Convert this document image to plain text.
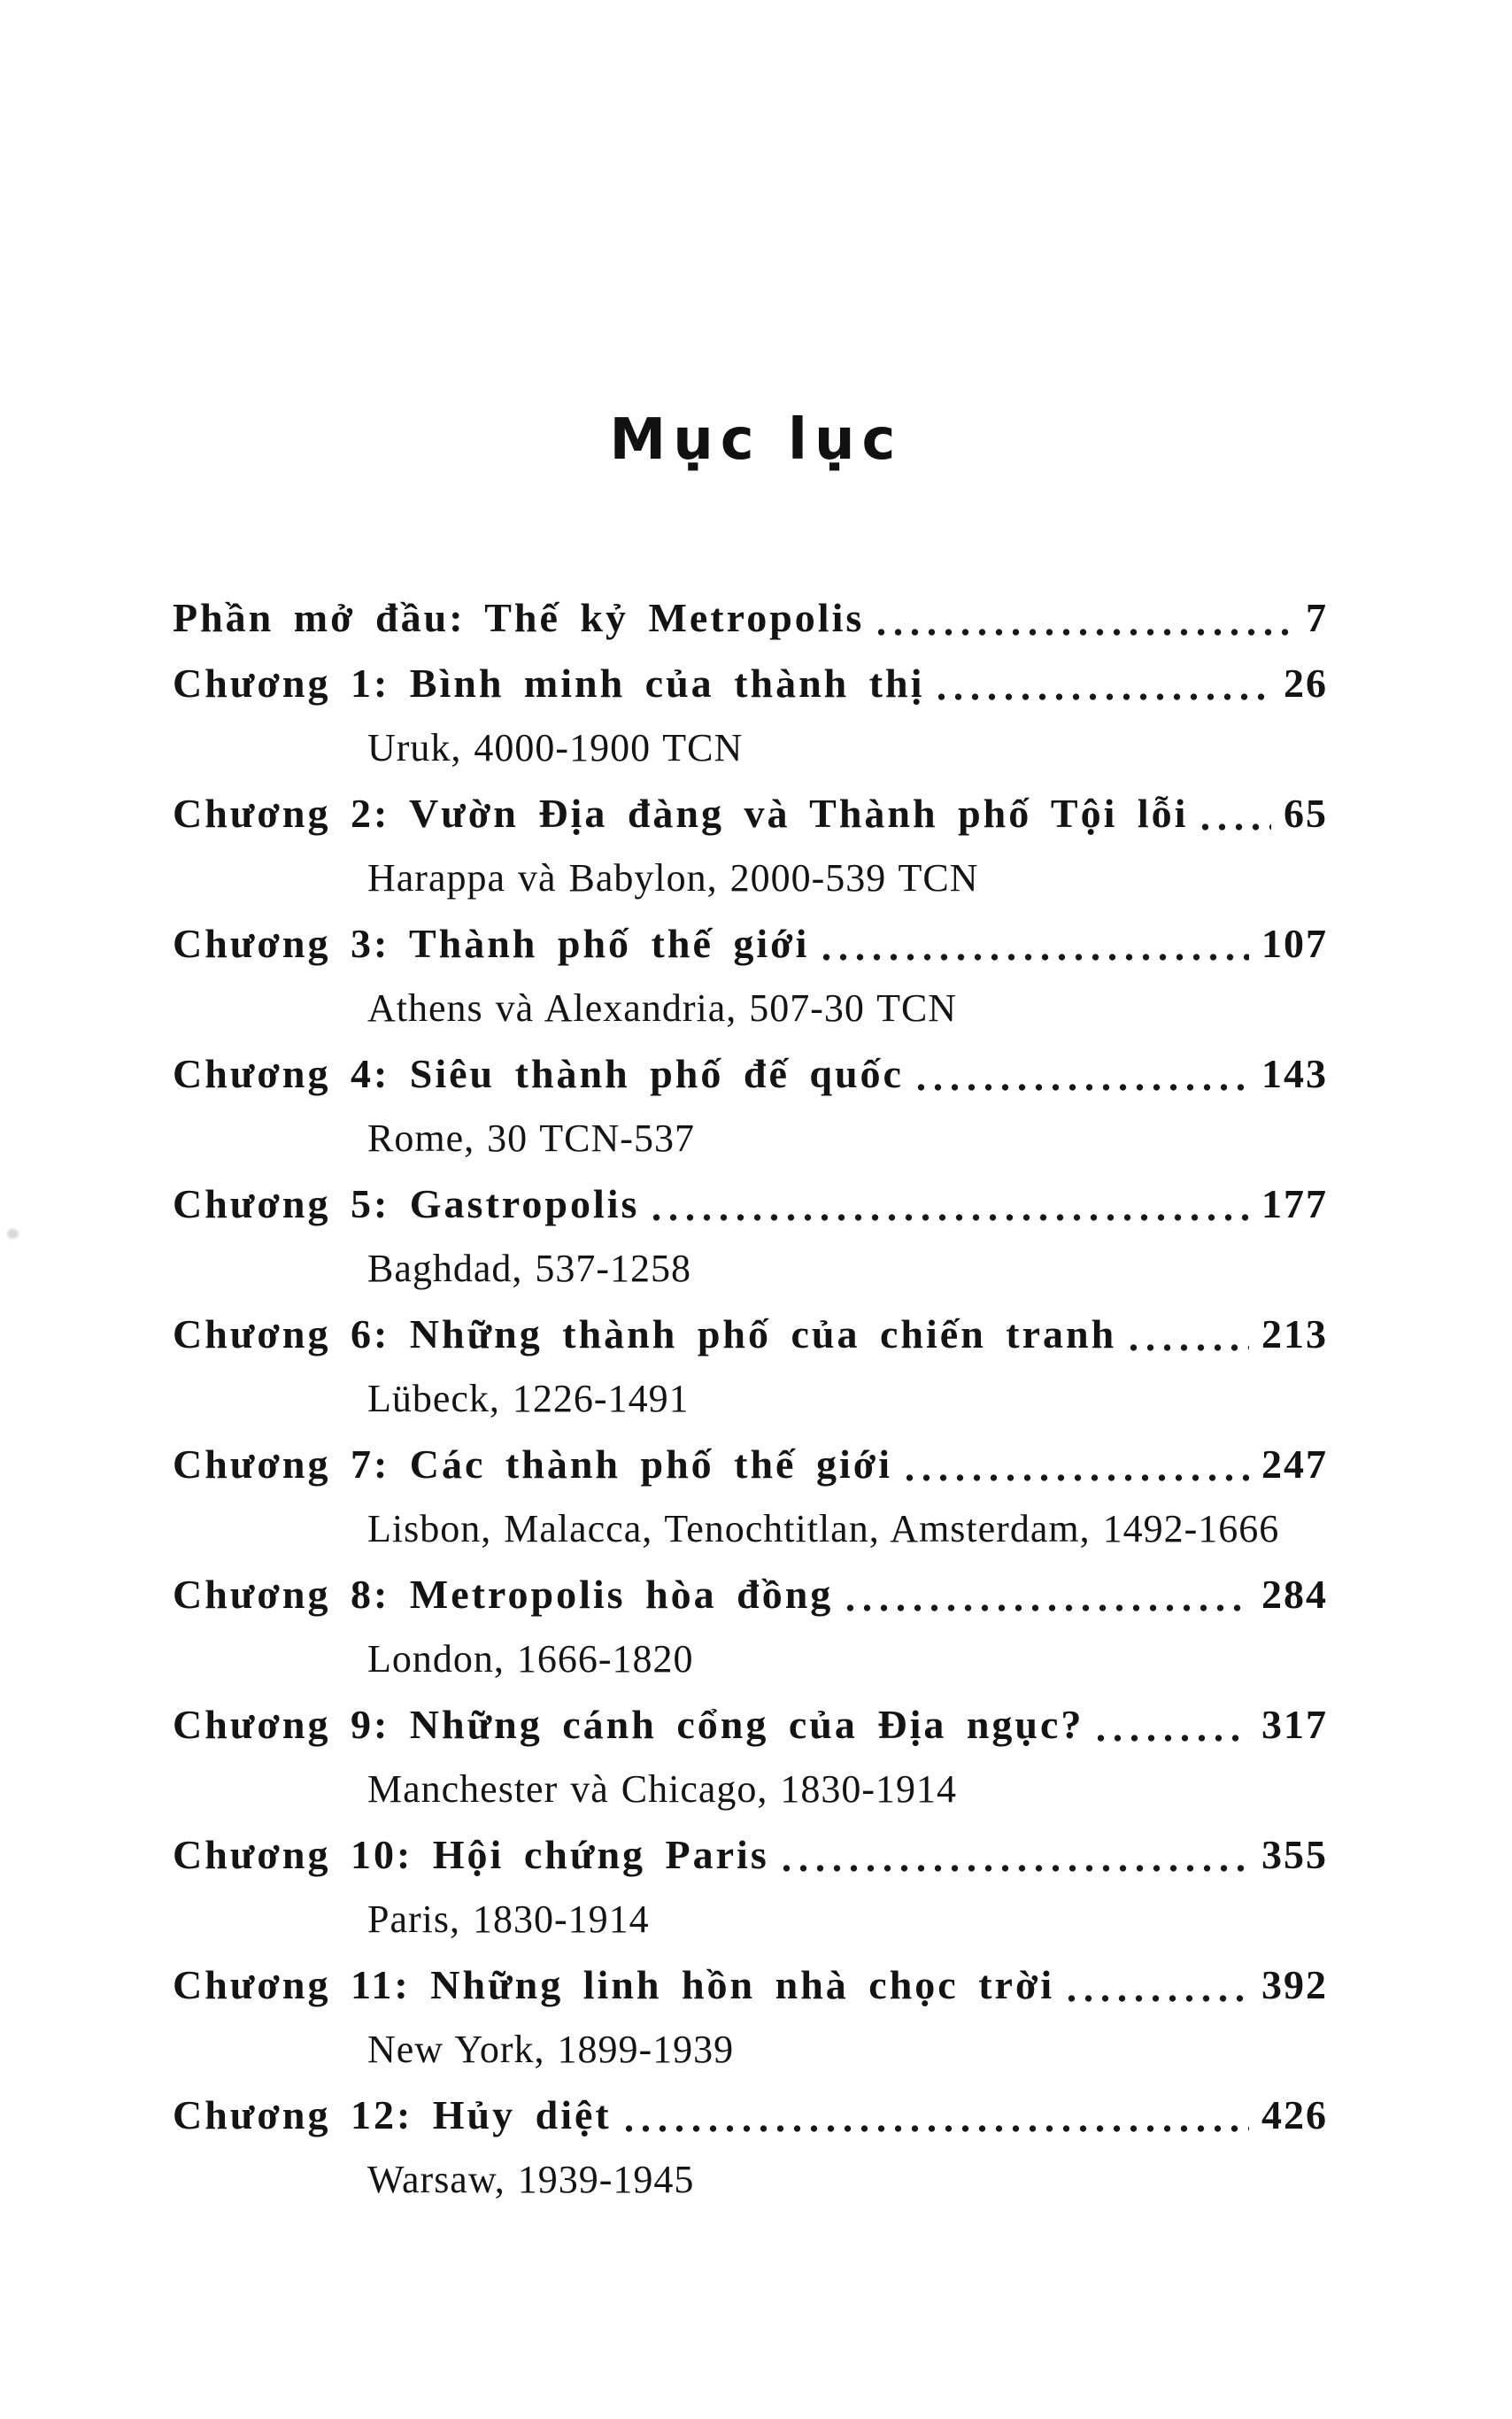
Mục lục
Phần mở đầu: Thế kỷ Metropolis	7
Chương 1: Bình minh của thành thị	26
Uruk, 4000-1900 TCN
Chương 2: Vườn Địa đàng và Thành phố Tội lỗi 65
Harappa và Babylon, 2000-539 TCN
Chương 3: Thành phố thế giới	107
Athens và Alexandria, 507-30 TCN
Chương 4: Siêu thành phố đế quốc	143
Rome, 30 TCN-537
Chương 5: Gastropolis	177
Baghdad, 537-1258
Chương 6: Những thành phố của chiến tranh	213
Lübeck, 1226-1491
Chương 7: Các thành phố thế giới	247
Lisbon, Malacca, Tenochtitlan, Amsterdam, 1492-1666
Chương 8: Metropolis hòa đồng	284
London, 1666-1820
Chương 9: Những cánh cổng của Địa ngục?	317
Manchester và Chicago, 1830-1914
Chương 10: Hội chứng Paris	355
Paris, 1830-1914
Chương 11: Những linh hồn nhà chọc trời	392
New York, 1899-1939
Chương 12: Hủy diệt	426
Warsaw, 1939-1945
